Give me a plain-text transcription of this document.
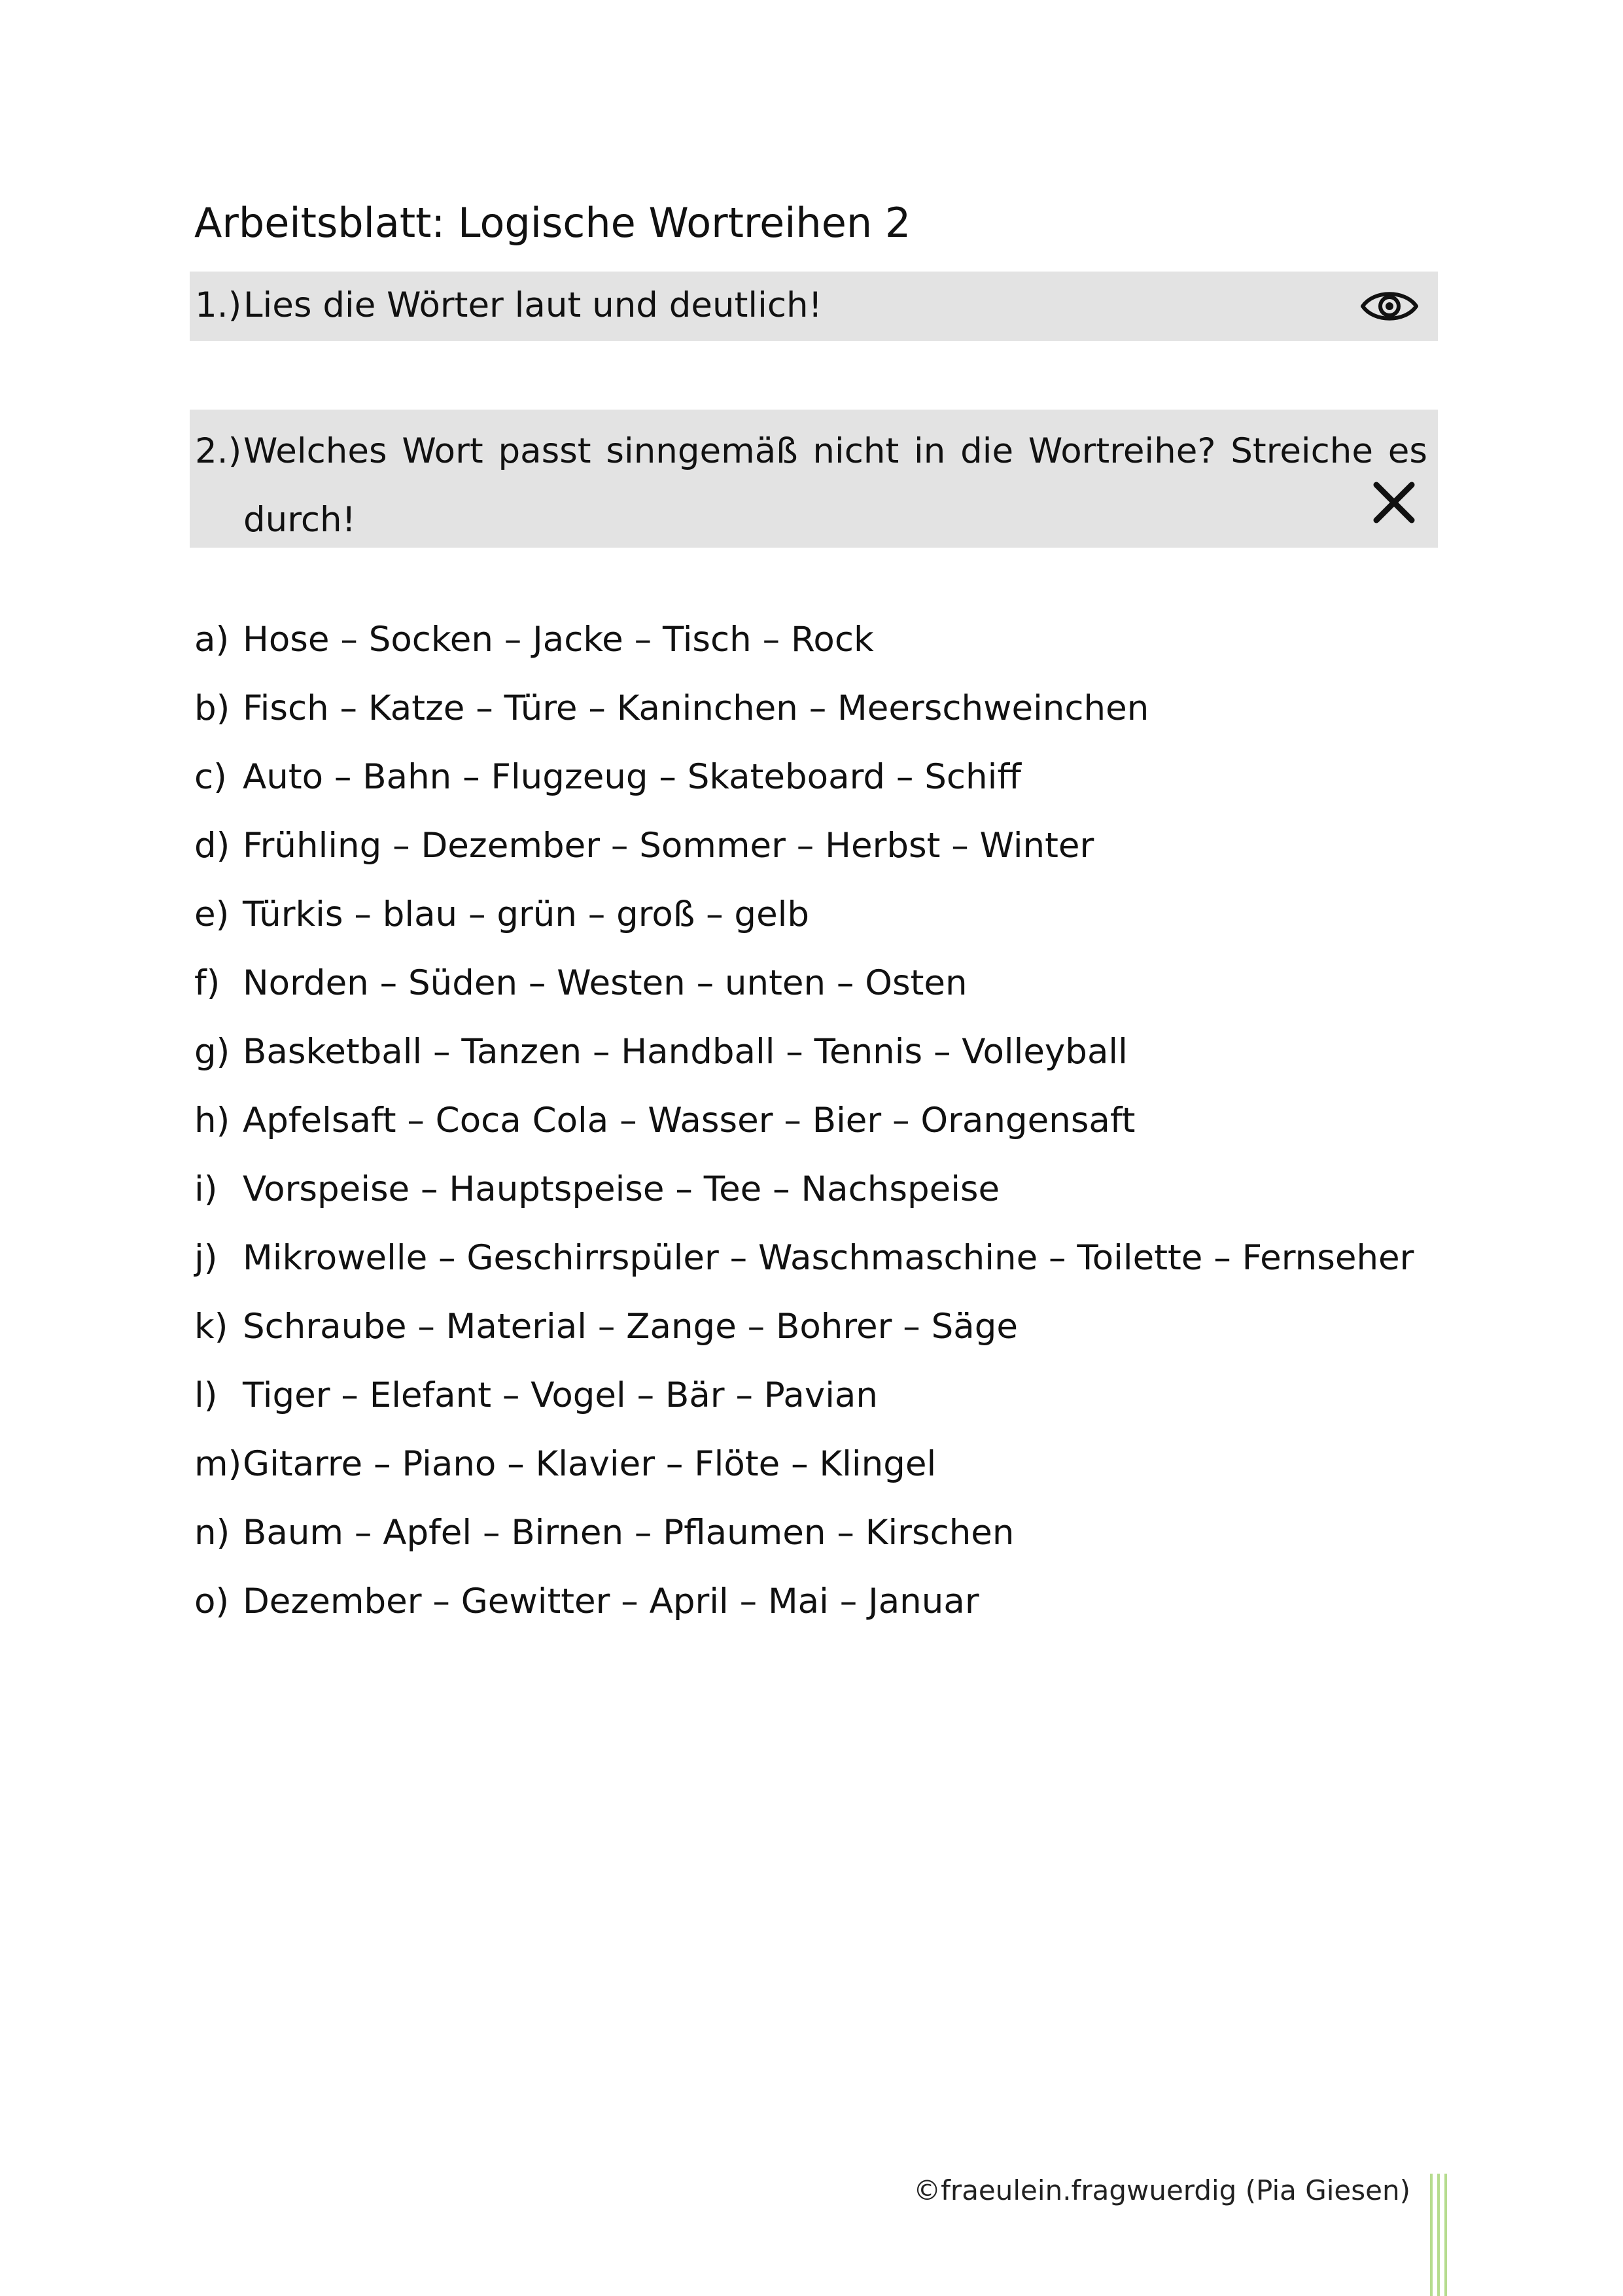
Arbeitsblatt: Logische Wortreihen 2
1.) Lies die Wörter laut und deutlich!
2.) Welches Wort passt sinngemäß nicht in die Wortreihe? Streiche es
durch!
a) Hose – Socken – Jacke – Tisch – Rock
b) Fisch – Katze – Türe – Kaninchen – Meerschweinchen
c) Auto – Bahn – Flugzeug – Skateboard – Schiff
d) Frühling – Dezember – Sommer – Herbst – Winter
e) Türkis – blau – grün – groß – gelb
f) Norden – Süden – Westen – unten – Osten
g) Basketball – Tanzen – Handball – Tennis – Volleyball
h) Apfelsaft – Coca Cola – Wasser – Bier – Orangensaft
i) Vorspeise – Hauptspeise – Tee – Nachspeise
j) Mikrowelle – Geschirrspüler – Waschmaschine – Toilette – Fernseher
k) Schraube – Material – Zange – Bohrer – Säge
l) Tiger – Elefant – Vogel – Bär – Pavian
m)Gitarre – Piano – Klavier – Flöte – Klingel
n) Baum – Apfel – Birnen – Pflaumen – Kirschen
o) Dezember – Gewitter – April – Mai – Januar
©fraeulein.fragwuerdig (Pia Giesen)
